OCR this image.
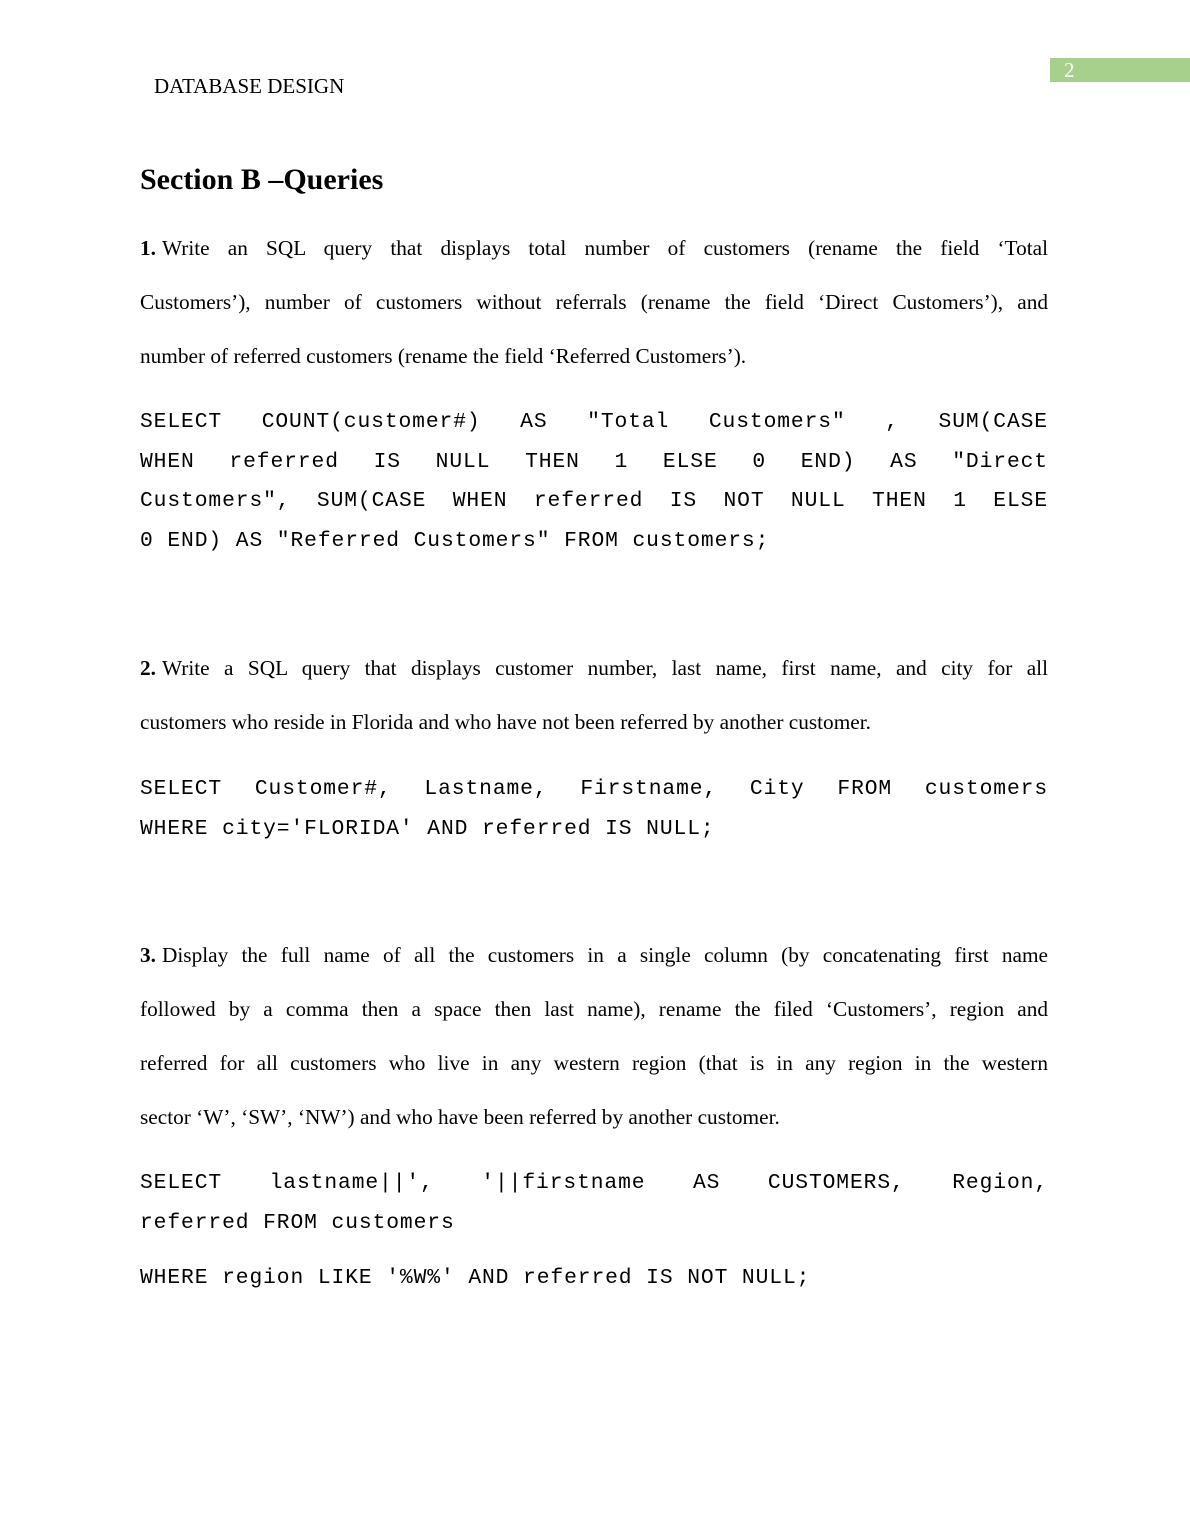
DATABASE DESIGN
2
Section B –Queries
1. Write an SQL query that displays total number of customers (rename the field ‘Total
Customers’), number of customers without referrals (rename the field ‘Direct Customers’), and
number of referred customers (rename the field ‘Referred Customers’).
SELECT COUNT(customer#) AS "Total Customers" , SUM(CASE
WHEN referred IS NULL THEN 1 ELSE 0 END) AS "Direct
Customers", SUM(CASE WHEN referred IS NOT NULL THEN 1 ELSE
0 END) AS "Referred Customers" FROM customers;
2. Write a SQL query that displays customer number, last name, first name, and city for all
customers who reside in Florida and who have not been referred by another customer.
SELECT Customer#, Lastname, Firstname, City FROM customers
WHERE city='FLORIDA' AND referred IS NULL;
3. Display the full name of all the customers in a single column (by concatenating first name
followed by a comma then a space then last name), rename the filed ‘Customers’, region and
referred for all customers who live in any western region (that is in any region in the western
sector ‘W’, ‘SW’, ‘NW’) and who have been referred by another customer.
SELECT lastname||', '||firstname AS CUSTOMERS, Region,
referred FROM customers
WHERE region LIKE '%W%' AND referred IS NOT NULL;
